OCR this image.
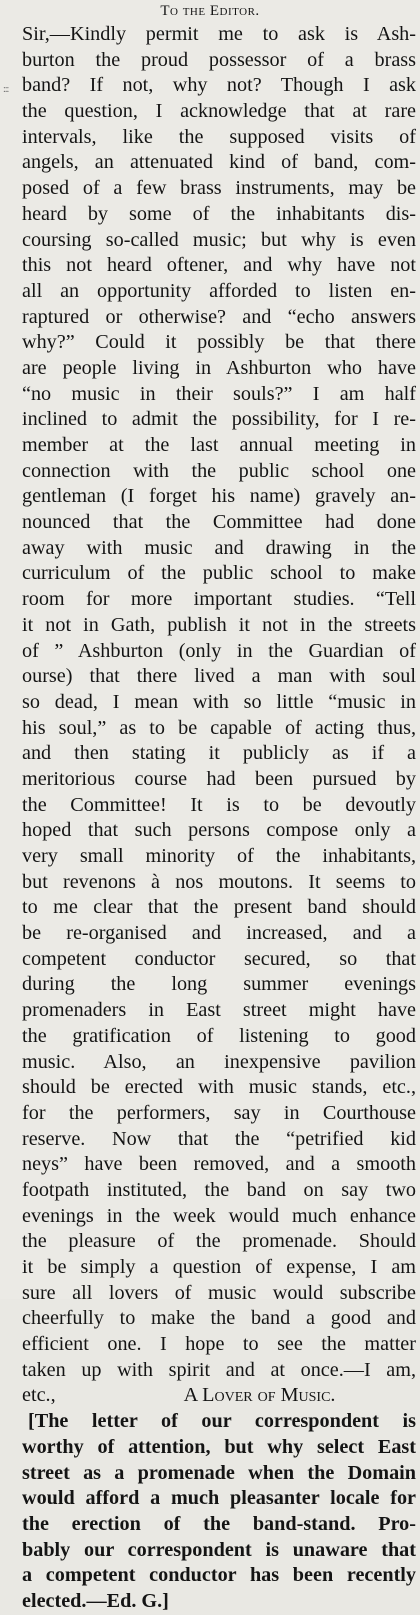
:::
To the Editor.
Sir,—Kindly permit me to ask is Ash-
burton the proud possessor of a brass
band? If not, why not? Though I ask
the question, I acknowledge that at rare
intervals, like the supposed visits of
angels, an attenuated kind of band, com-
posed of a few brass instruments, may be
heard by some of the inhabitants dis-
coursing so-called music; but why is even
this not heard oftener, and why have not
all an opportunity afforded to listen en-
raptured or otherwise? and “echo answers
why?” Could it possibly be that there
are people living in Ashburton who have
“no music in their souls?” I am half
inclined to admit the possibility, for I re-
member at the last annual meeting in
connection with the public school one
gentleman (I forget his name) gravely an-
nounced that the Committee had done
away with music and drawing in the
curriculum of the public school to make
room for more important studies. “Tell
it not in Gath, publish it not in the streets
of ” Ashburton (only in the Guardian of
ourse) that there lived a man with soul
so dead, I mean with so little “music in
his soul,” as to be capable of acting thus,
and then stating it publicly as if a
meritorious course had been pursued by
the Committee! It is to be devoutly
hoped that such persons compose only a
very small minority of the inhabitants,
but revenons à nos moutons. It seems to
to me clear that the present band should
be re-organised and increased, and a
competent conductor secured, so that
during the long summer evenings
promenaders in East street might have
the gratification of listening to good
music. Also, an inexpensive pavilion
should be erected with music stands, etc.,
for the performers, say in Courthouse
reserve. Now that the “petrified kid
neys” have been removed, and a smooth
footpath instituted, the band on say two
evenings in the week would much enhance
the pleasure of the promenade. Should
it be simply a question of expense, I am
sure all lovers of music would subscribe
cheerfully to make the band a good and
efficient one. I hope to see the matter
taken up with spirit and at once.—I am,
etc.,	A Lover of Music.
[The letter of our correspondent is
worthy of attention, but why select East
street as a promenade when the Domain
would afford a much pleasanter locale for
the erection of the band-stand. Pro-
bably our correspondent is unaware that
a competent conductor has been recently
elected.—Ed. G.]
